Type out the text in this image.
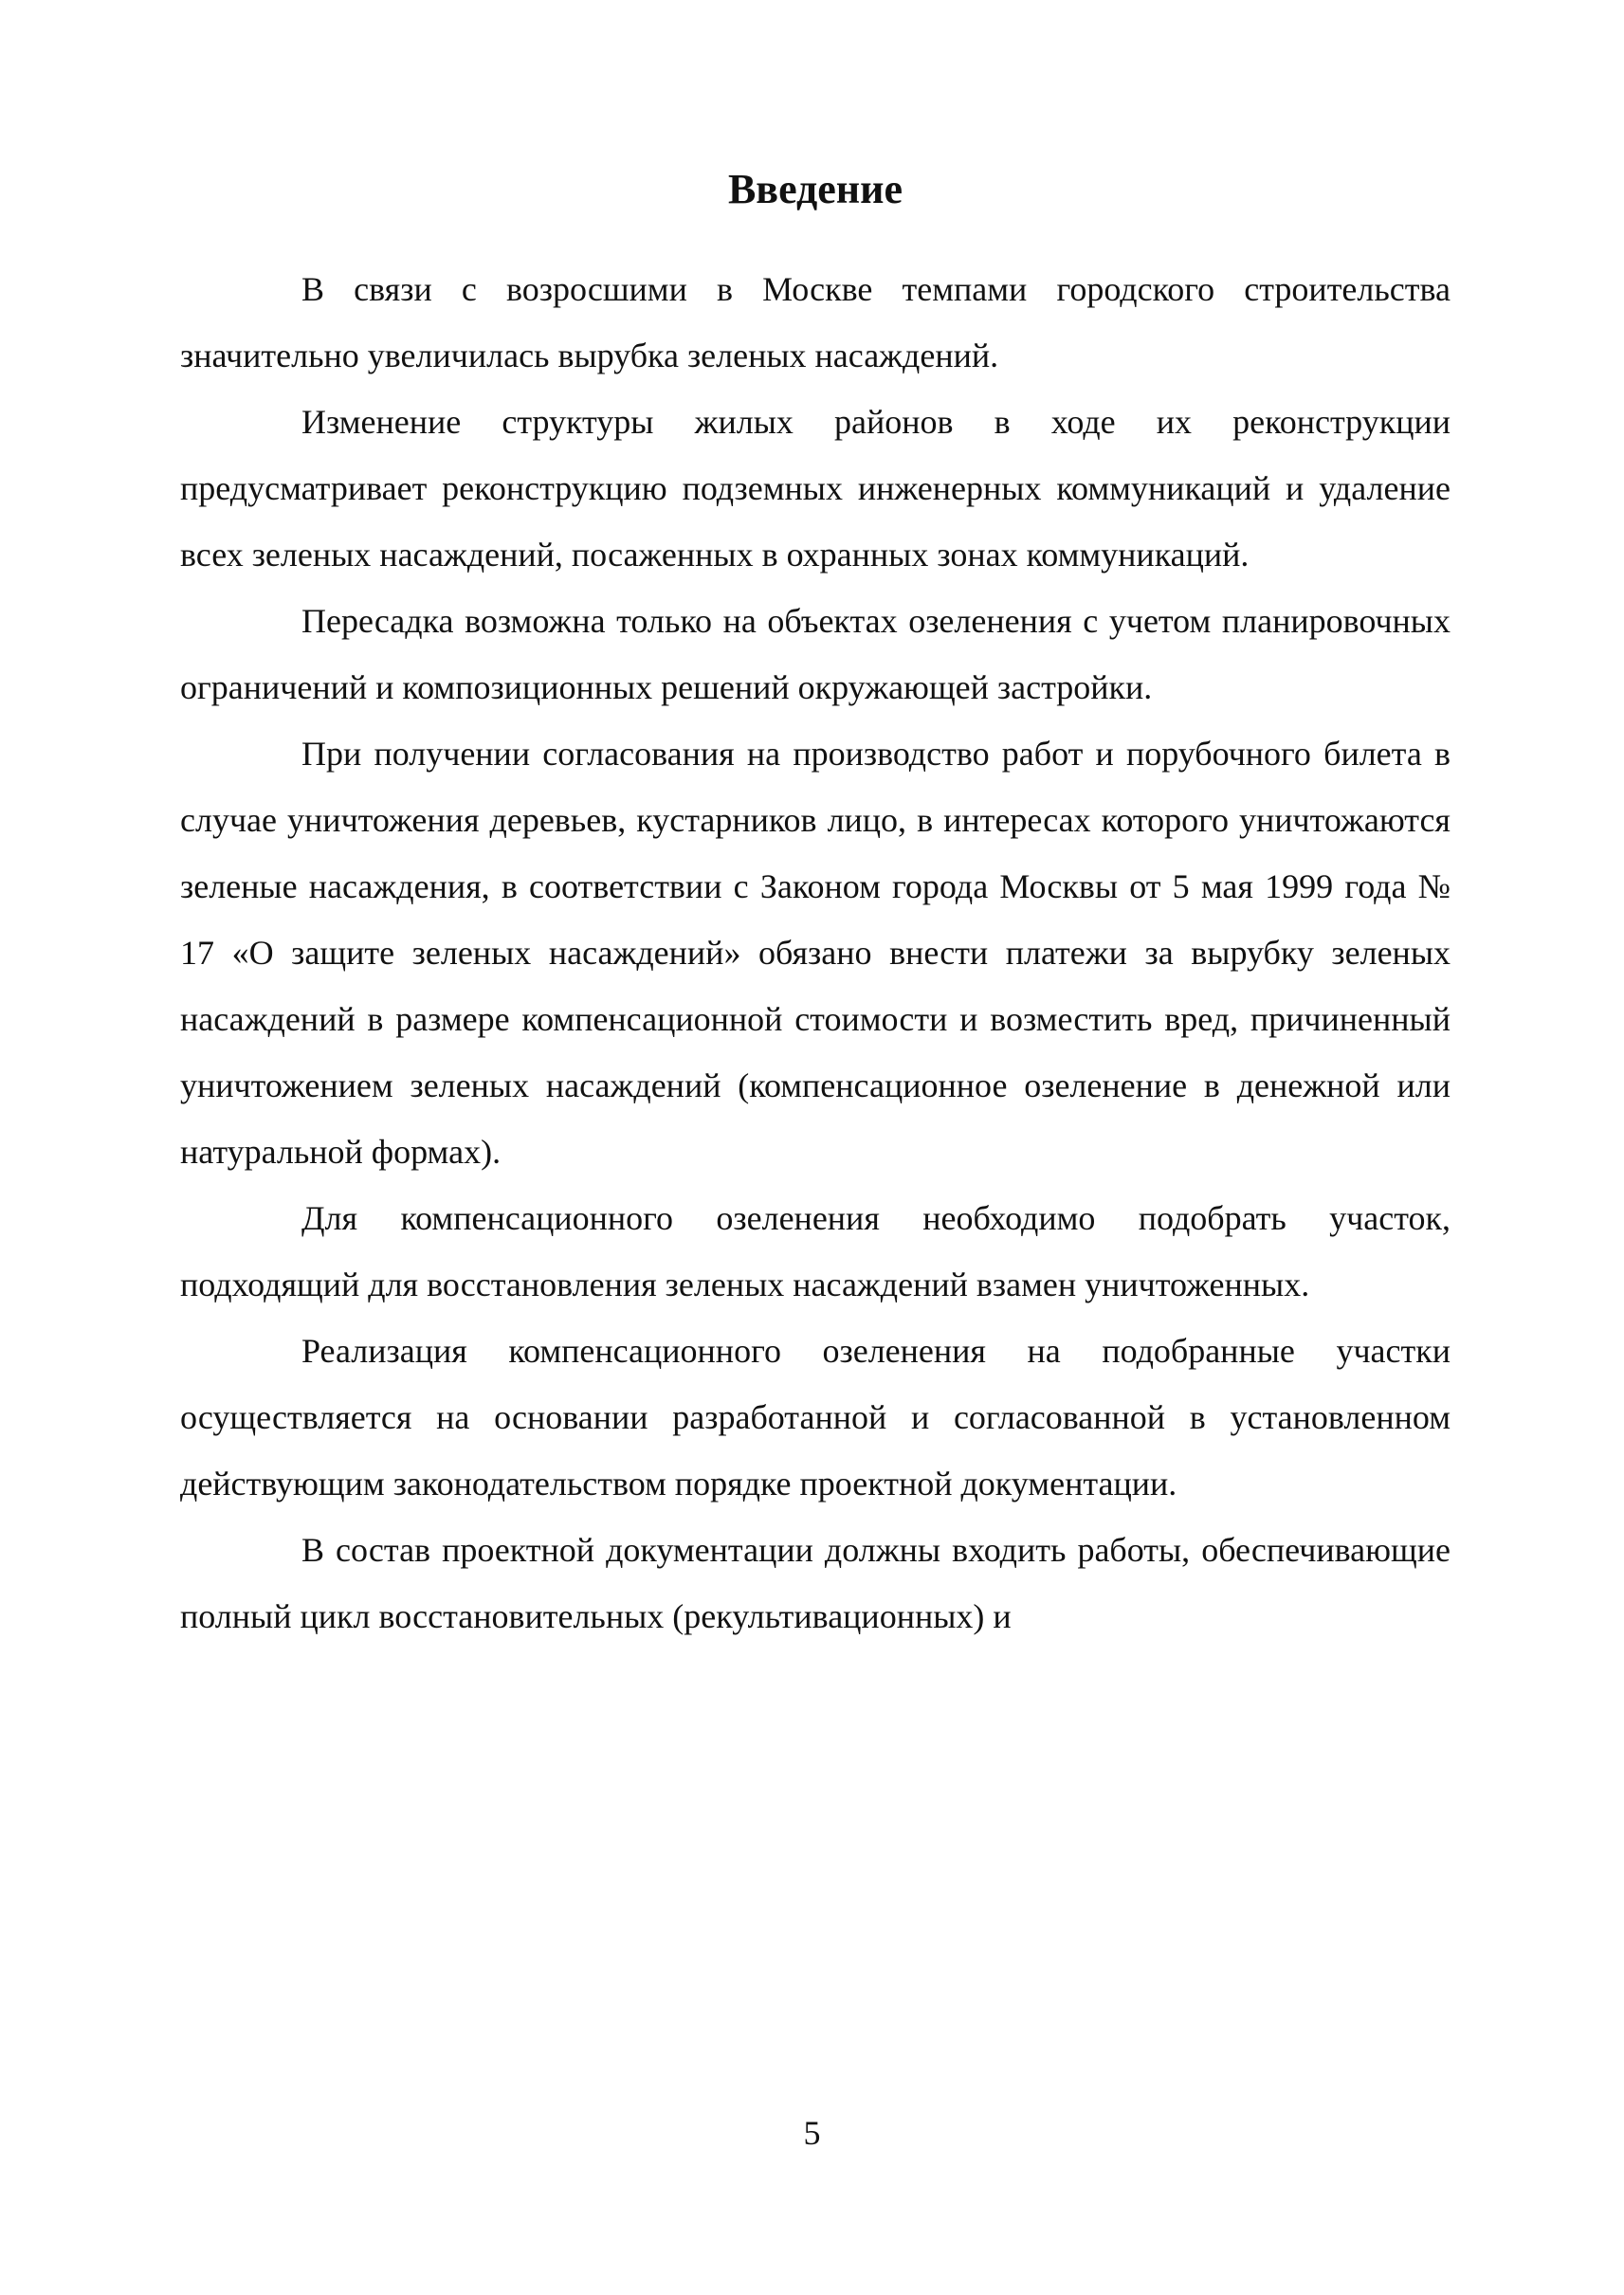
Введение

В связи с возросшими в Москве темпами городского строительства значительно увеличилась вырубка зеленых насаждений.

Изменение структуры жилых районов в ходе их реконструкции предусматривает реконструкцию подземных инженерных коммуникаций и удаление всех зеленых насаждений, посаженных в охранных зонах коммуникаций.

Пересадка возможна только на объектах озеленения с учетом планировочных ограничений и композиционных решений окружающей застройки.

При получении согласования на производство работ и порубочного билета в случае уничтожения деревьев, кустарников лицо, в интересах которого уничтожаются зеленые насаждения, в соответствии с Законом города Москвы от 5 мая 1999 года № 17 «О защите зеленых насаждений» обязано внести платежи за вырубку зеленых насаждений в размере компенсационной стоимости и возместить вред, причиненный уничтожением зеленых насаждений (компенсационное озеленение в денежной или натуральной формах).

Для компенсационного озеленения необходимо подобрать участок, подходящий для восстановления зеленых насаждений взамен уничтоженных.

Реализация компенсационного озеленения на подобранные участки осуществляется на основании разработанной и согласованной в установленном действующим законодательством порядке проектной документации.

В состав проектной документации должны входить работы, обеспечивающие полный цикл восстановительных (рекультивационных) и

5
